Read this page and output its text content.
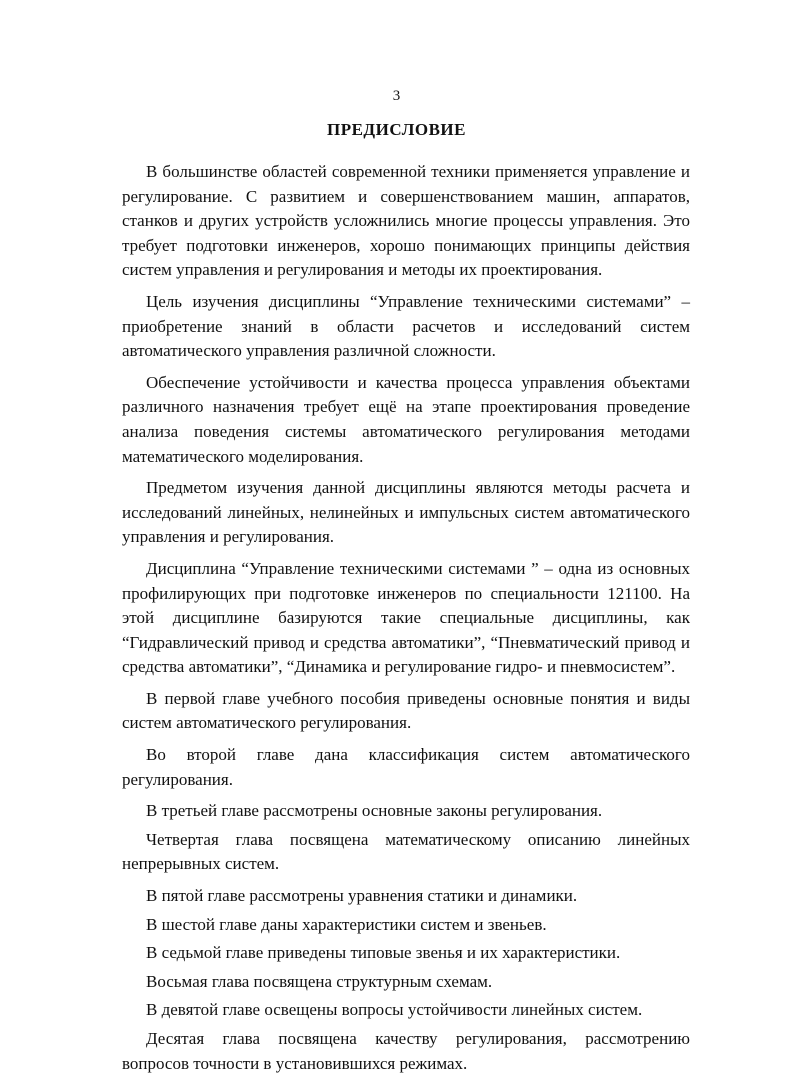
3
ПРЕДИСЛОВИЕ

В большинстве областей современной техники применяется управление и регулирование. С развитием и совершенствованием машин, аппаратов, станков и других устройств усложнились многие процессы управления. Это требует подготовки инженеров, хорошо понимающих принципы действия систем управления и регулирования и методы их проектирования.

Цель изучения дисциплины “Управление техническими системами” – приобретение знаний в области расчетов и исследований систем автоматического управления различной сложности.

Обеспечение устойчивости и качества процесса управления объектами различного назначения требует ещё на этапе проектирования проведение анализа поведения системы автоматического регулирования методами математического моделирования.

Предметом изучения данной дисциплины являются методы расчета и исследований линейных, нелинейных и импульсных систем автоматического управления и регулирования.

Дисциплина “Управление техническими системами ” – одна из основных профилирующих при подготовке инженеров по специальности 121100. На этой дисциплине базируются такие специальные дисциплины, как “Гидравлический привод и средства автоматики”, “Пневматический привод и средства автоматики”, “Динамика и регулирование гидро- и пневмосистем”.

В первой главе учебного пособия приведены основные понятия и виды систем автоматического регулирования.

Во второй главе дана классификация систем автоматического регулирования.

В третьей главе рассмотрены основные законы регулирования.

Четвертая глава посвящена математическому описанию линейных непрерывных систем.

В пятой главе рассмотрены уравнения статики и динамики.

В шестой главе даны характеристики систем и звеньев.

В седьмой главе приведены типовые звенья и их характеристики.

Восьмая глава посвящена структурным схемам.

В девятой главе освещены вопросы устойчивости линейных систем.

Десятая глава посвящена качеству регулирования, рассмотрению вопросов точности в установившихся режимах.
